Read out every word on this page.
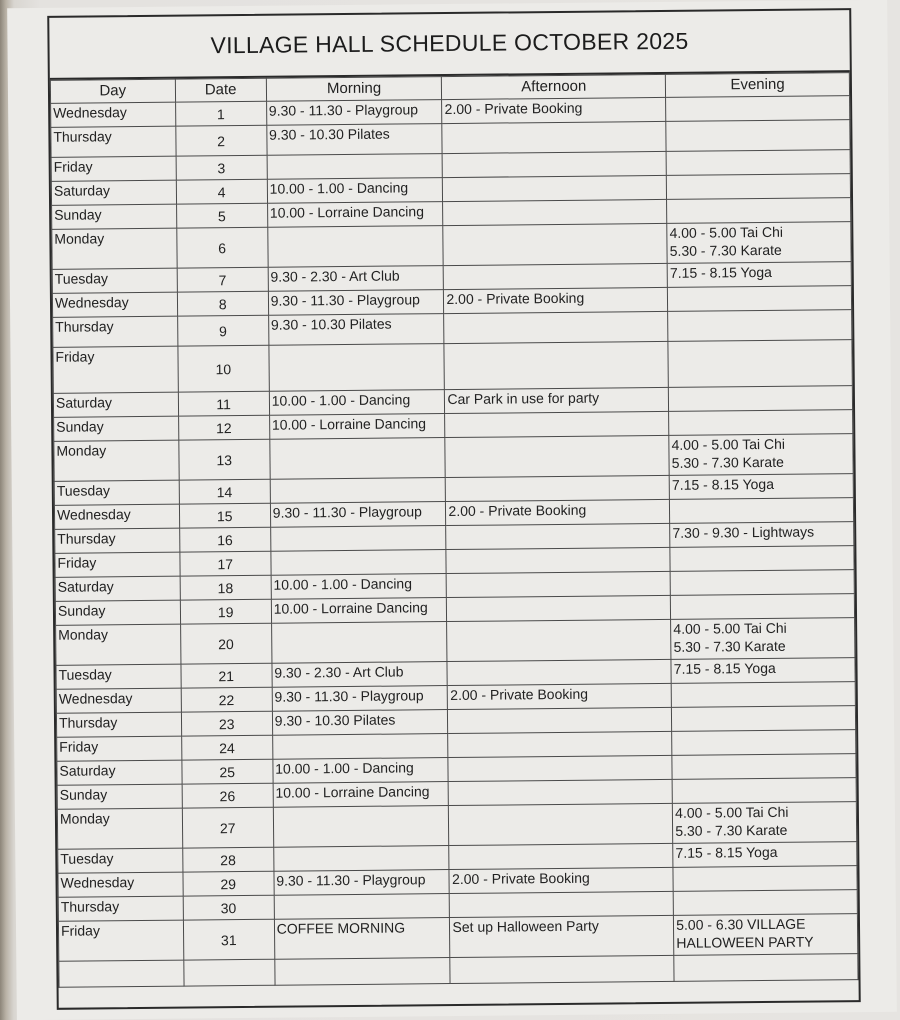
VILLAGE HALL SCHEDULE OCTOBER 2025
Day	Date	Morning	Afternoon	Evening
Wednesday	1	9.30 - 11.30 - Playgroup	2.00 - Private Booking	
Thursday	2	9.30 - 10.30 Pilates		
Friday	3			
Saturday	4	10.00 - 1.00 - Dancing		
Sunday	5	10.00 - Lorraine Dancing		
Monday	6			4.00 - 5.00 Tai Chi
5.30 - 7.30 Karate

Tuesday	7	9.30 - 2.30 - Art Club		7.15 - 8.15 Yoga

Wednesday	8	9.30 - 11.30 - Playgroup	2.00 - Private Booking	
Thursday	9	9.30 - 10.30 Pilates		
Friday	10			
Saturday	11	10.00 - 1.00 - Dancing	Car Park in use for party	
Sunday	12	10.00 - Lorraine Dancing		
Monday	13			4.00 - 5.00 Tai Chi
5.30 - 7.30 Karate

Tuesday	14			7.15 - 8.15 Yoga

Wednesday	15	9.30 - 11.30 - Playgroup	2.00 - Private Booking	
Thursday	16			7.30 - 9.30 - Lightways

Friday	17			
Saturday	18	10.00 - 1.00 - Dancing		
Sunday	19	10.00 - Lorraine Dancing		
Monday	20			4.00 - 5.00 Tai Chi
5.30 - 7.30 Karate

Tuesday	21	9.30 - 2.30 - Art Club		7.15 - 8.15 Yoga

Wednesday	22	9.30 - 11.30 - Playgroup	2.00 - Private Booking	
Thursday	23	9.30 - 10.30 Pilates		
Friday	24			
Saturday	25	10.00 - 1.00 - Dancing		
Sunday	26	10.00 - Lorraine Dancing		
Monday	27			4.00 - 5.00 Tai Chi
5.30 - 7.30 Karate

Tuesday	28			7.15 - 8.15 Yoga

Wednesday	29	9.30 - 11.30 - Playgroup	2.00 - Private Booking	
Thursday	30			
Friday	31	COFFEE MORNING	Set up Halloween Party	5.00 - 6.30 VILLAGE
HALLOWEEN PARTY
